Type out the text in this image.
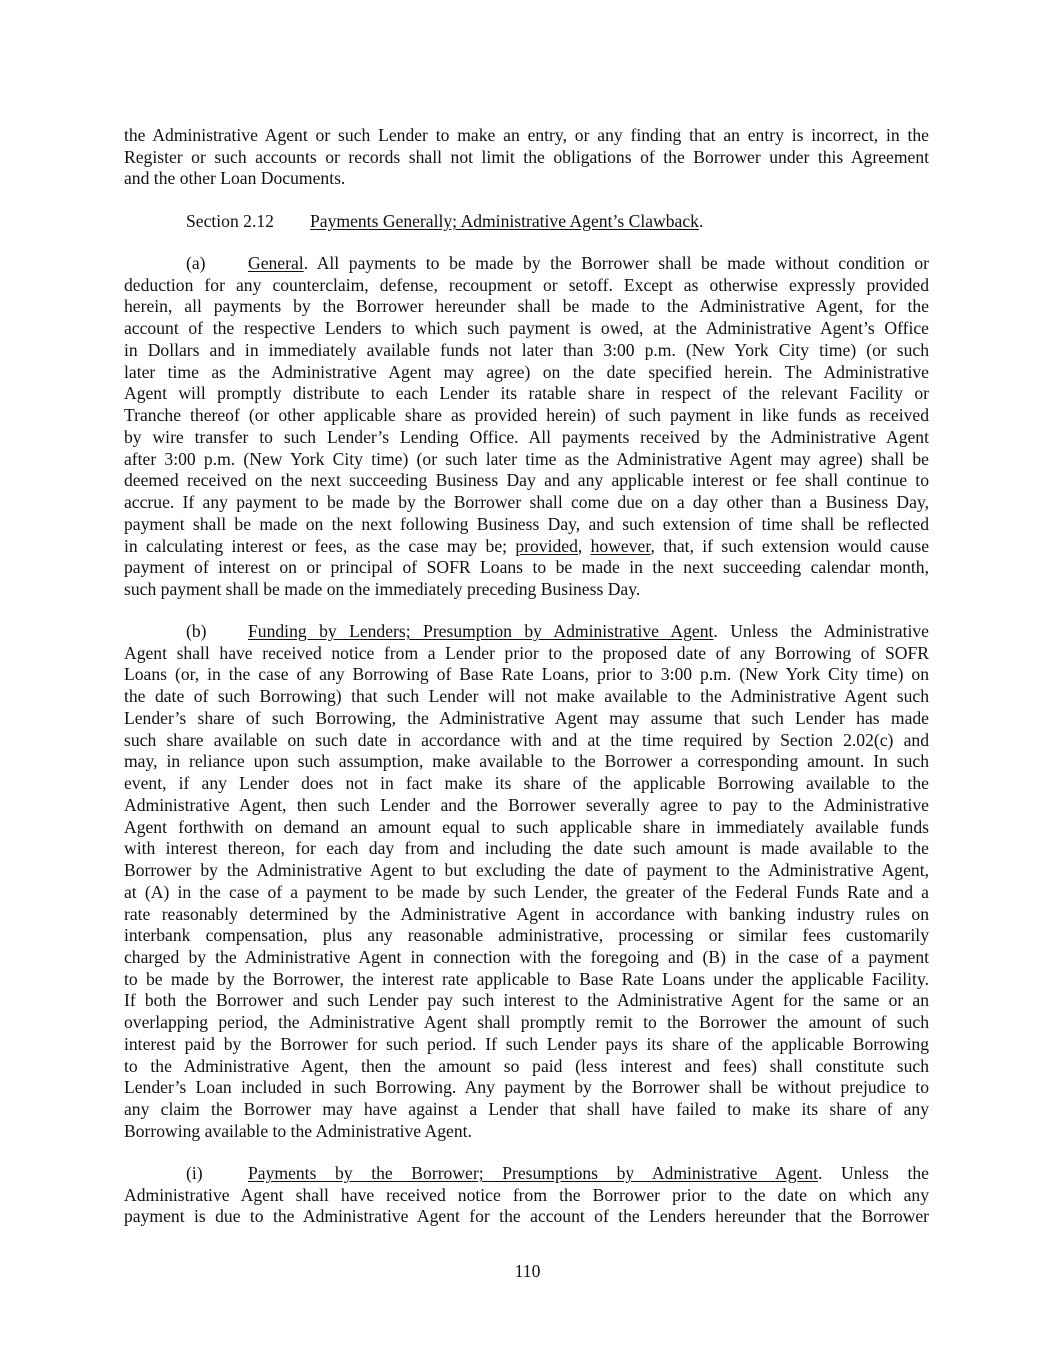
the Administrative Agent or such Lender to make an entry, or any finding that an entry is incorrect, in the
Register or such accounts or records shall not limit the obligations of the Borrower under this Agreement
and the other Loan Documents.
Section 2.12 Payments Generally; Administrative Agent’s Clawback.
(a) General. All payments to be made by the Borrower shall be made without condition or
deduction for any counterclaim, defense, recoupment or setoff. Except as otherwise expressly provided
herein, all payments by the Borrower hereunder shall be made to the Administrative Agent, for the
account of the respective Lenders to which such payment is owed, at the Administrative Agent’s Office
in Dollars and in immediately available funds not later than 3:00 p.m. (New York City time) (or such
later time as the Administrative Agent may agree) on the date specified herein. The Administrative
Agent will promptly distribute to each Lender its ratable share in respect of the relevant Facility or
Tranche thereof (or other applicable share as provided herein) of such payment in like funds as received
by wire transfer to such Lender’s Lending Office. All payments received by the Administrative Agent
after 3:00 p.m. (New York City time) (or such later time as the Administrative Agent may agree) shall be
deemed received on the next succeeding Business Day and any applicable interest or fee shall continue to
accrue. If any payment to be made by the Borrower shall come due on a day other than a Business Day,
payment shall be made on the next following Business Day, and such extension of time shall be reflected
in calculating interest or fees, as the case may be; provided, however, that, if such extension would cause
payment of interest on or principal of SOFR Loans to be made in the next succeeding calendar month,
such payment shall be made on the immediately preceding Business Day.
(b) Funding by Lenders; Presumption by Administrative Agent. Unless the Administrative
Agent shall have received notice from a Lender prior to the proposed date of any Borrowing of SOFR
Loans (or, in the case of any Borrowing of Base Rate Loans, prior to 3:00 p.m. (New York City time) on
the date of such Borrowing) that such Lender will not make available to the Administrative Agent such
Lender’s share of such Borrowing, the Administrative Agent may assume that such Lender has made
such share available on such date in accordance with and at the time required by Section 2.02(c) and
may, in reliance upon such assumption, make available to the Borrower a corresponding amount. In such
event, if any Lender does not in fact make its share of the applicable Borrowing available to the
Administrative Agent, then such Lender and the Borrower severally agree to pay to the Administrative
Agent forthwith on demand an amount equal to such applicable share in immediately available funds
with interest thereon, for each day from and including the date such amount is made available to the
Borrower by the Administrative Agent to but excluding the date of payment to the Administrative Agent,
at (A) in the case of a payment to be made by such Lender, the greater of the Federal Funds Rate and a
rate reasonably determined by the Administrative Agent in accordance with banking industry rules on
interbank compensation, plus any reasonable administrative, processing or similar fees customarily
charged by the Administrative Agent in connection with the foregoing and (B) in the case of a payment
to be made by the Borrower, the interest rate applicable to Base Rate Loans under the applicable Facility.
If both the Borrower and such Lender pay such interest to the Administrative Agent for the same or an
overlapping period, the Administrative Agent shall promptly remit to the Borrower the amount of such
interest paid by the Borrower for such period. If such Lender pays its share of the applicable Borrowing
to the Administrative Agent, then the amount so paid (less interest and fees) shall constitute such
Lender’s Loan included in such Borrowing. Any payment by the Borrower shall be without prejudice to
any claim the Borrower may have against a Lender that shall have failed to make its share of any
Borrowing available to the Administrative Agent.
(i)	Payments by the Borrower; Presumptions by Administrative Agent. Unless the
Administrative Agent shall have received notice from the Borrower prior to the date on which any
payment is due to the Administrative Agent for the account of the Lenders hereunder that the Borrower
110
